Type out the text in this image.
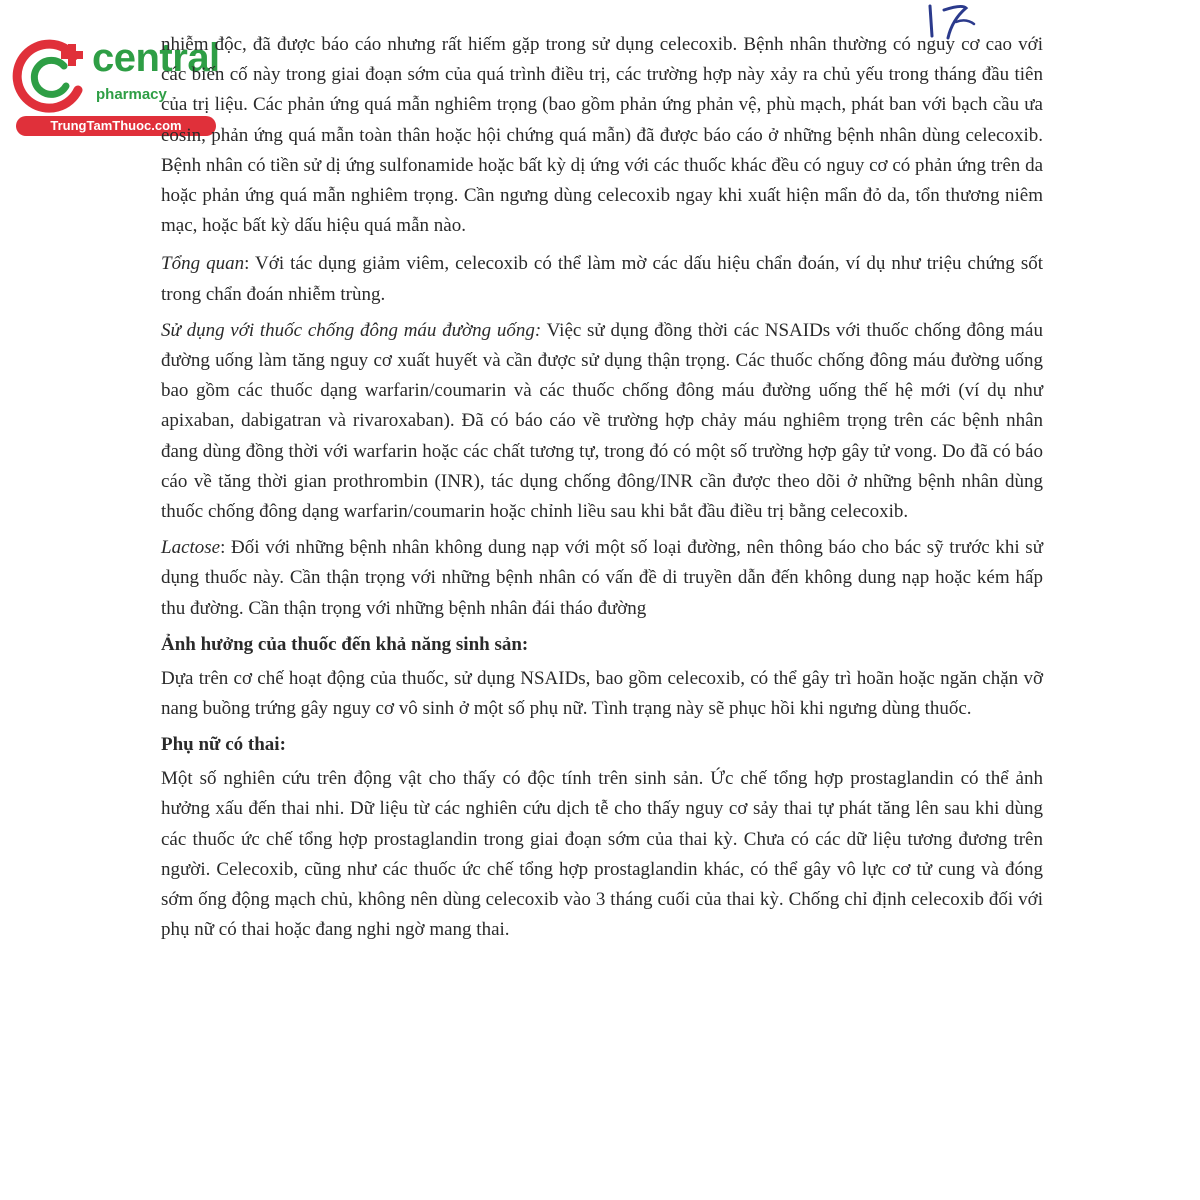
central
pharmacy
TrungTamThuoc.com

nhiễm độc, đã được báo cáo nhưng rất hiếm gặp trong sử dụng celecoxib. Bệnh nhân thường có nguy cơ cao với các biến cố này trong giai đoạn sớm của quá trình điều trị, các trường hợp này xảy ra chủ yếu trong tháng đầu tiên của trị liệu. Các phản ứng quá mẫn nghiêm trọng (bao gồm phản ứng phản vệ, phù mạch, phát ban với bạch cầu ưa eosin, phản ứng quá mẫn toàn thân hoặc hội chứng quá mẫn) đã được báo cáo ở những bệnh nhân dùng celecoxib. Bệnh nhân có tiền sử dị ứng sulfonamide hoặc bất kỳ dị ứng với các thuốc khác đều có nguy cơ có phản ứng trên da hoặc phản ứng quá mẫn nghiêm trọng. Cần ngưng dùng celecoxib ngay khi xuất hiện mẩn đỏ da, tổn thương niêm mạc, hoặc bất kỳ dấu hiệu quá mẫn nào.

Tổng quan: Với tác dụng giảm viêm, celecoxib có thể làm mờ các dấu hiệu chẩn đoán, ví dụ như triệu chứng sốt trong chẩn đoán nhiễm trùng.

Sử dụng với thuốc chống đông máu đường uống: Việc sử dụng đồng thời các NSAIDs với thuốc chống đông máu đường uống làm tăng nguy cơ xuất huyết và cần được sử dụng thận trọng. Các thuốc chống đông máu đường uống bao gồm các thuốc dạng warfarin/coumarin và các thuốc chống đông máu đường uống thế hệ mới (ví dụ như apixaban, dabigatran và rivaroxaban). Đã có báo cáo về trường hợp chảy máu nghiêm trọng trên các bệnh nhân đang dùng đồng thời với warfarin hoặc các chất tương tự, trong đó có một số trường hợp gây tử vong. Do đã có báo cáo về tăng thời gian prothrombin (INR), tác dụng chống đông/INR cần được theo dõi ở những bệnh nhân dùng thuốc chống đông dạng warfarin/coumarin hoặc chỉnh liều sau khi bắt đầu điều trị bằng celecoxib.

Lactose: Đối với những bệnh nhân không dung nạp với một số loại đường, nên thông báo cho bác sỹ trước khi sử dụng thuốc này. Cần thận trọng với những bệnh nhân có vấn đề di truyền dẫn đến không dung nạp hoặc kém hấp thu đường. Cần thận trọng với những bệnh nhân đái tháo đường

Ảnh hưởng của thuốc đến khả năng sinh sản:

Dựa trên cơ chế hoạt động của thuốc, sử dụng NSAIDs, bao gồm celecoxib, có thể gây trì hoãn hoặc ngăn chặn vỡ nang buồng trứng gây nguy cơ vô sinh ở một số phụ nữ. Tình trạng này sẽ phục hồi khi ngưng dùng thuốc.

Phụ nữ có thai:

Một số nghiên cứu trên động vật cho thấy có độc tính trên sinh sản. Ức chế tổng hợp prostaglandin có thể ảnh hưởng xấu đến thai nhi. Dữ liệu từ các nghiên cứu dịch tễ cho thấy nguy cơ sảy thai tự phát tăng lên sau khi dùng các thuốc ức chế tổng hợp prostaglandin trong giai đoạn sớm của thai kỳ. Chưa có các dữ liệu tương đương trên người. Celecoxib, cũng như các thuốc ức chế tổng hợp prostaglandin khác, có thể gây vô lực cơ tử cung và đóng sớm ống động mạch chủ, không nên dùng celecoxib vào 3 tháng cuối của thai kỳ. Chống chỉ định celecoxib đối với phụ nữ có thai hoặc đang nghi ngờ mang thai.
